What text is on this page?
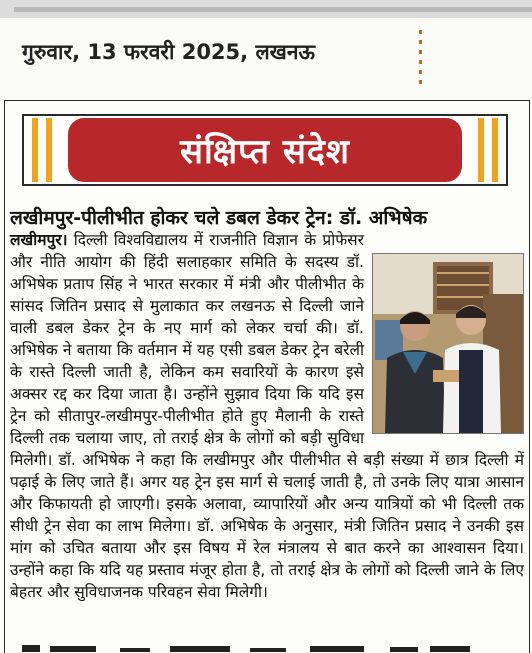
गुरुवार, 13 फरवरी 2025, लखनऊ
संक्षिप्त संदेश
लखीमपुर-पीलीभीत होकर चले डबल डेकर ट्रेन: डॉ. अभिषेक
लखीमपुर। दिल्ली विश्वविद्यालय में राजनीति विज्ञान के प्रोफेसर और नीति आयोग की हिंदी सलाहकार समिति के सदस्य डॉ. अभिषेक प्रताप सिंह ने भारत सरकार में मंत्री और पीलीभीत के सांसद जितिन प्रसाद से मुलाकात कर लखनऊ से दिल्ली जाने वाली डबल डेकर ट्रेन के नए मार्ग को लेकर चर्चा की। डॉ. अभिषेक ने बताया कि वर्तमान में यह एसी डबल डेकर ट्रेन बरेली के रास्ते दिल्ली जाती है, लेकिन कम सवारियों के कारण इसे अक्सर रद्द कर दिया जाता है। उन्होंने सुझाव दिया कि यदि इस ट्रेन को सीतापुर-लखीमपुर-पीलीभीत होते हुए मैलानी के रास्ते दिल्ली तक चलाया जाए, तो तराई क्षेत्र के लोगों को बड़ी सुविधा मिलेगी। डॉ. अभिषेक ने कहा कि लखीमपुर और पीलीभीत से बड़ी संख्या में छात्र दिल्ली में पढ़ाई के लिए जाते हैं। अगर यह ट्रेन इस मार्ग से चलाई जाती है, तो उनके लिए यात्रा आसान और किफायती हो जाएगी। इसके अलावा, व्यापारियों और अन्य यात्रियों को भी दिल्ली तक सीधी ट्रेन सेवा का लाभ मिलेगा। डॉ. अभिषेक के अनुसार, मंत्री जितिन प्रसाद ने उनकी इस मांग को उचित बताया और इस विषय में रेल मंत्रालय से बात करने का आश्वासन दिया। उन्होंने कहा कि यदि यह प्रस्ताव मंजूर होता है, तो तराई क्षेत्र के लोगों को दिल्ली जाने के लिए बेहतर और सुविधाजनक परिवहन सेवा मिलेगी।
